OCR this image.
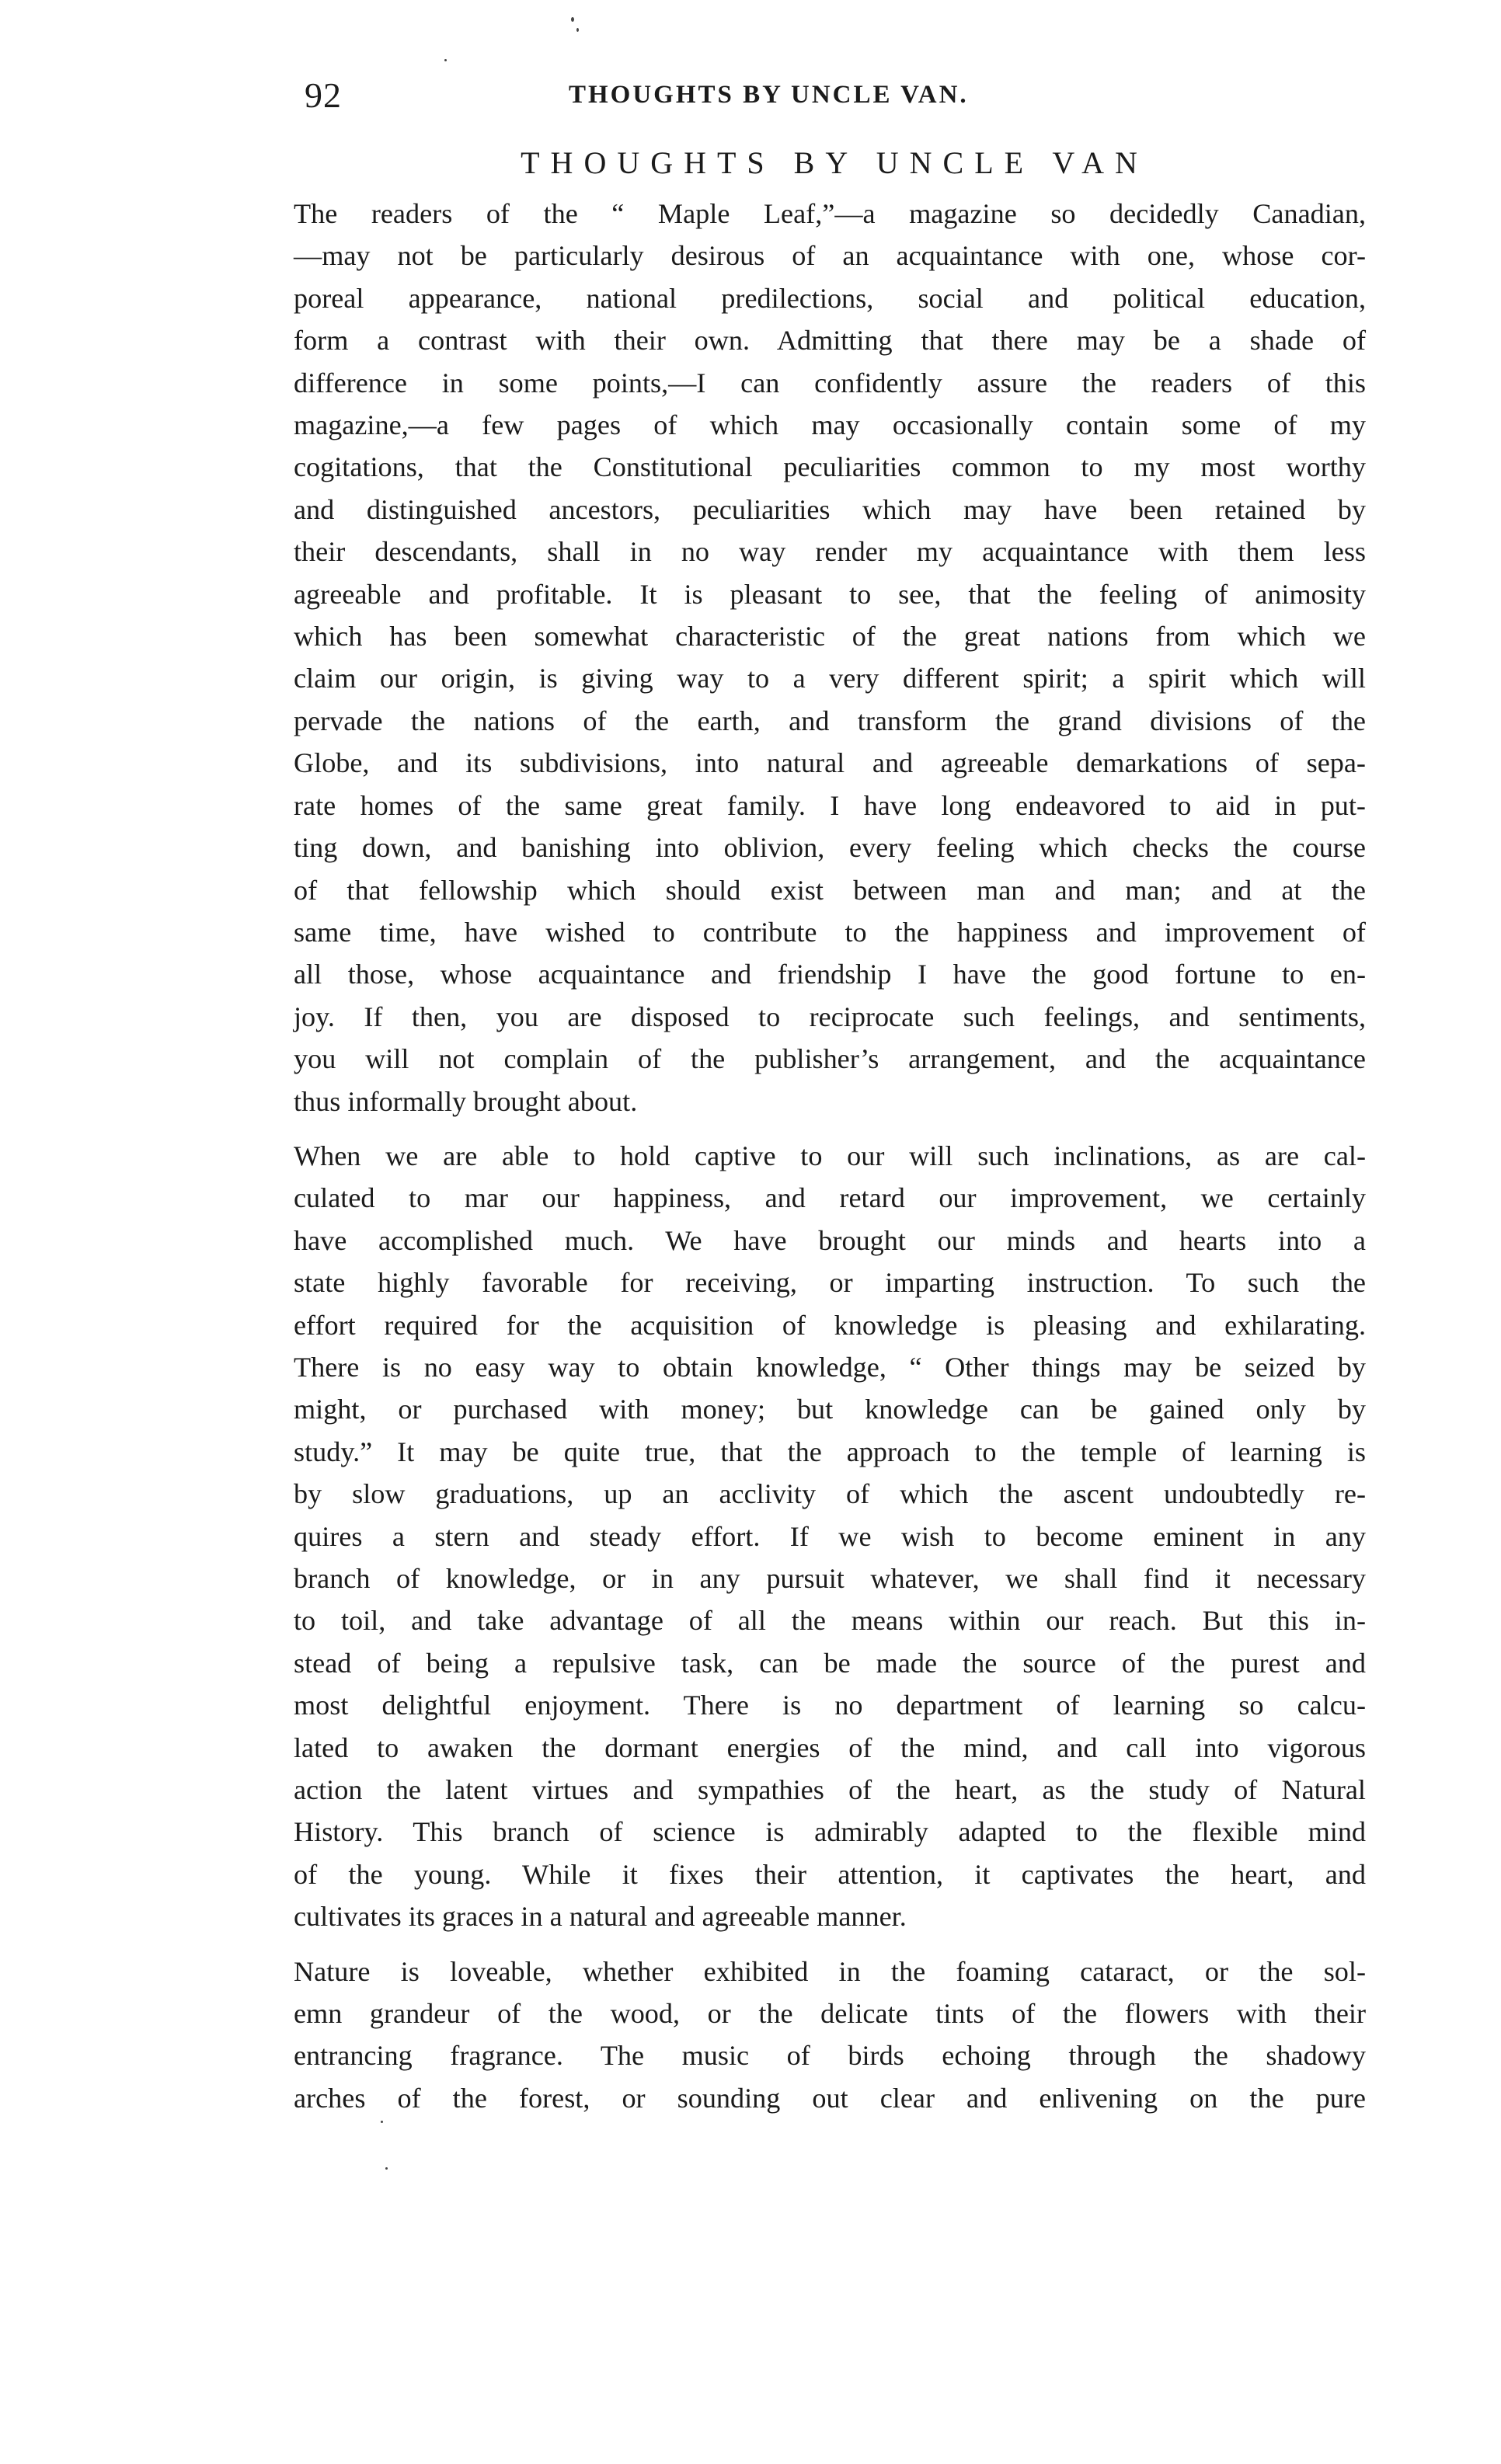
92	THOUGHTS BY UNCLE VAN.
THOUGHTS BY UNCLE VAN

The readers of the “ Maple Leaf,”—a magazine so decidedly Canadian,
—may not be particularly desirous of an acquaintance with one, whose cor-
poreal appearance, national predilections, social and political education,
form a contrast with their own. Admitting that there may be a shade of
difference in some points,—I can confidently assure the readers of this
magazine,—a few pages of which may occasionally contain some of my
cogitations, that the Constitutional peculiarities common to my most worthy
and distinguished ancestors, peculiarities which may have been retained by
their descendants, shall in no way render my acquaintance with them less
agreeable and profitable. It is pleasant to see, that the feeling of animosity
which has been somewhat characteristic of the great nations from which we
claim our origin, is giving way to a very different spirit; a spirit which will
pervade the nations of the earth, and transform the grand divisions of the
Globe, and its subdivisions, into natural and agreeable demarkations of sepa-
rate homes of the same great family. I have long endeavored to aid in put-
ting down, and banishing into oblivion, every feeling which checks the course
of that fellowship which should exist between man and man; and at the
same time, have wished to contribute to the happiness and improvement of
all those, whose acquaintance and friendship I have the good fortune to en-
joy. If then, you are disposed to reciprocate such feelings, and sentiments,
you will not complain of the publisher’s arrangement, and the acquaintance
thus informally brought about.

When we are able to hold captive to our will such inclinations, as are cal-
culated to mar our happiness, and retard our improvement, we certainly
have accomplished much. We have brought our minds and hearts into a
state highly favorable for receiving, or imparting instruction. To such the
effort required for the acquisition of knowledge is pleasing and exhilarating.
There is no easy way to obtain knowledge, “ Other things may be seized by
might, or purchased with money; but knowledge can be gained only by
study.” It may be quite true, that the approach to the temple of learning is
by slow graduations, up an acclivity of which the ascent undoubtedly re-
quires a stern and steady effort. If we wish to become eminent in any
branch of knowledge, or in any pursuit whatever, we shall find it necessary
to toil, and take advantage of all the means within our reach. But this in-
stead of being a repulsive task, can be made the source of the purest and
most delightful enjoyment. There is no department of learning so calcu-
lated to awaken the dormant energies of the mind, and call into vigorous
action the latent virtues and sympathies of the heart, as the study of Natural
History. This branch of science is admirably adapted to the flexible mind
of the young. While it fixes their attention, it captivates the heart, and
cultivates its graces in a natural and agreeable manner.

Nature is loveable, whether exhibited in the foaming cataract, or the sol-
emn grandeur of the wood, or the delicate tints of the flowers with their
entrancing fragrance. The music of birds echoing through the shadowy
arches of the forest, or sounding out clear and enlivening on the pure
